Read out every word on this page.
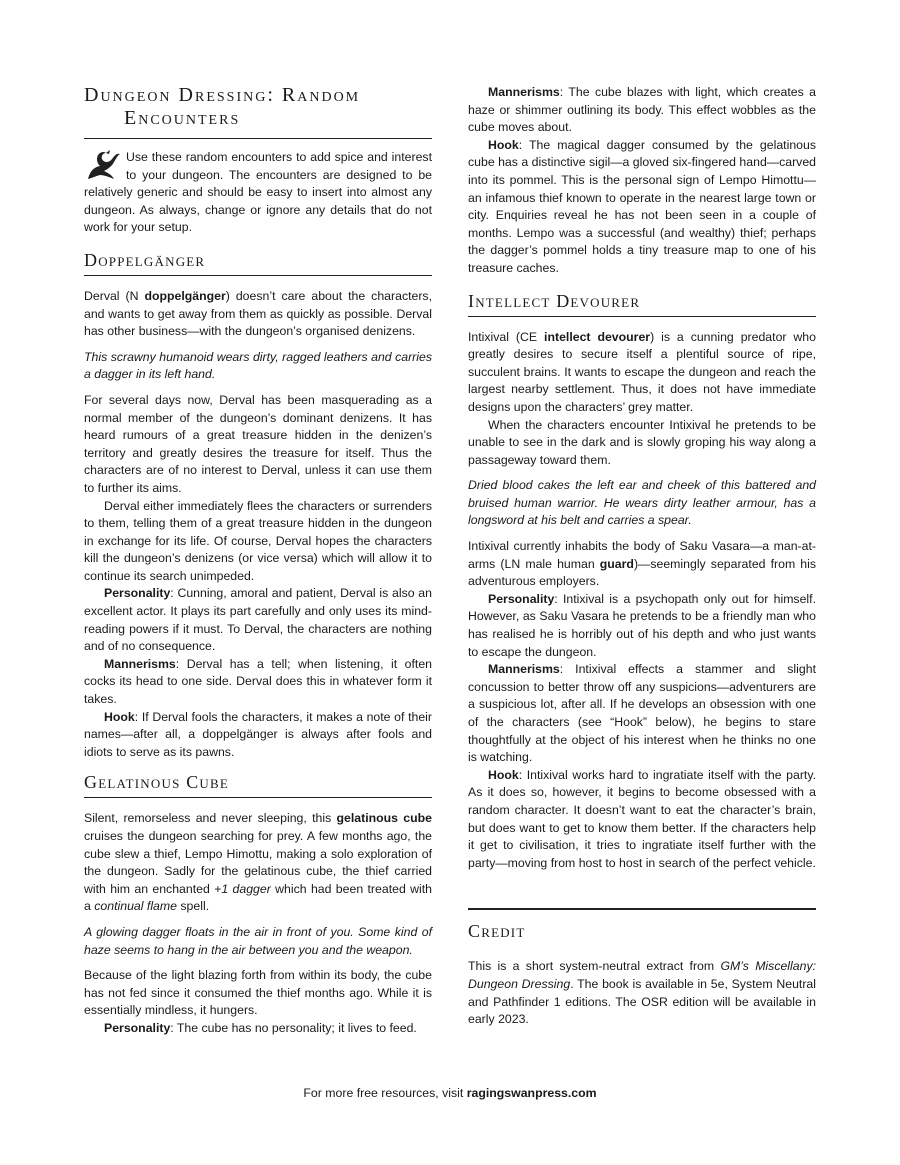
Dungeon Dressing: Random
Encounters

Use these random encounters to add spice and interest to your dungeon. The encounters are designed to be relatively generic and should be easy to insert into almost any dungeon. As always, change or ignore any details that do not work for your setup.

Doppelgänger

Derval (N doppelgänger) doesn’t care about the characters, and wants to get away from them as quickly as possible. Derval has other business—with the dungeon’s organised denizens.

This scrawny humanoid wears dirty, ragged leathers and carries a dagger in its left hand.

For several days now, Derval has been masquerading as a normal member of the dungeon’s dominant denizens. It has heard rumours of a great treasure hidden in the denizen’s territory and greatly desires the treasure for itself. Thus the characters are of no interest to Derval, unless it can use them to further its aims.

Derval either immediately flees the characters or surrenders to them, telling them of a great treasure hidden in the dungeon in exchange for its life. Of course, Derval hopes the characters kill the dungeon’s denizens (or vice versa) which will allow it to continue its search unimpeded.

Personality: Cunning, amoral and patient, Derval is also an excellent actor. It plays its part carefully and only uses its mind-reading powers if it must. To Derval, the characters are nothing and of no consequence.

Mannerisms: Derval has a tell; when listening, it often cocks its head to one side. Derval does this in whatever form it takes.

Hook: If Derval fools the characters, it makes a note of their names—after all, a doppelgänger is always after fools and idiots to serve as its pawns.

Gelatinous Cube

Silent, remorseless and never sleeping, this gelatinous cube cruises the dungeon searching for prey. A few months ago, the cube slew a thief, Lempo Himottu, making a solo exploration of the dungeon. Sadly for the gelatinous cube, the thief carried with him an enchanted +1 dagger which had been treated with a continual flame spell.

A glowing dagger floats in the air in front of you. Some kind of haze seems to hang in the air between you and the weapon.

Because of the light blazing forth from within its body, the cube has not fed since it consumed the thief months ago. While it is essentially mindless, it hungers.

Personality: The cube has no personality; it lives to feed.

Mannerisms: The cube blazes with light, which creates a haze or shimmer outlining its body. This effect wobbles as the cube moves about.

Hook: The magical dagger consumed by the gelatinous cube has a distinctive sigil—a gloved six-fingered hand—carved into its pommel. This is the personal sign of Lempo Himottu—an infamous thief known to operate in the nearest large town or city. Enquiries reveal he has not been seen in a couple of months. Lempo was a successful (and wealthy) thief; perhaps the dagger’s pommel holds a tiny treasure map to one of his treasure caches.

Intellect Devourer

Intixival (CE intellect devourer) is a cunning predator who greatly desires to secure itself a plentiful source of ripe, succulent brains. It wants to escape the dungeon and reach the largest nearby settlement. Thus, it does not have immediate designs upon the characters’ grey matter.

When the characters encounter Intixival he pretends to be unable to see in the dark and is slowly groping his way along a passageway toward them.

Dried blood cakes the left ear and cheek of this battered and bruised human warrior. He wears dirty leather armour, has a longsword at his belt and carries a spear.

Intixival currently inhabits the body of Saku Vasara—a man-at-arms (LN male human guard)—seemingly separated from his adventurous employers.

Personality: Intixival is a psychopath only out for himself. However, as Saku Vasara he pretends to be a friendly man who has realised he is horribly out of his depth and who just wants to escape the dungeon.

Mannerisms: Intixival effects a stammer and slight concussion to better throw off any suspicions—adventurers are a suspicious lot, after all. If he develops an obsession with one of the characters (see “Hook” below), he begins to stare thoughtfully at the object of his interest when he thinks no one is watching.

Hook: Intixival works hard to ingratiate itself with the party. As it does so, however, it begins to become obsessed with a random character. It doesn’t want to eat the character’s brain, but does want to get to know them better. If the characters help it get to civilisation, it tries to ingratiate itself further with the party—moving from host to host in search of the perfect vehicle.

Credit

This is a short system-neutral extract from GM’s Miscellany: Dungeon Dressing. The book is available in 5e, System Neutral and Pathfinder 1 editions. The OSR edition will be available in early 2023.

For more free resources, visit ragingswanpress.com
